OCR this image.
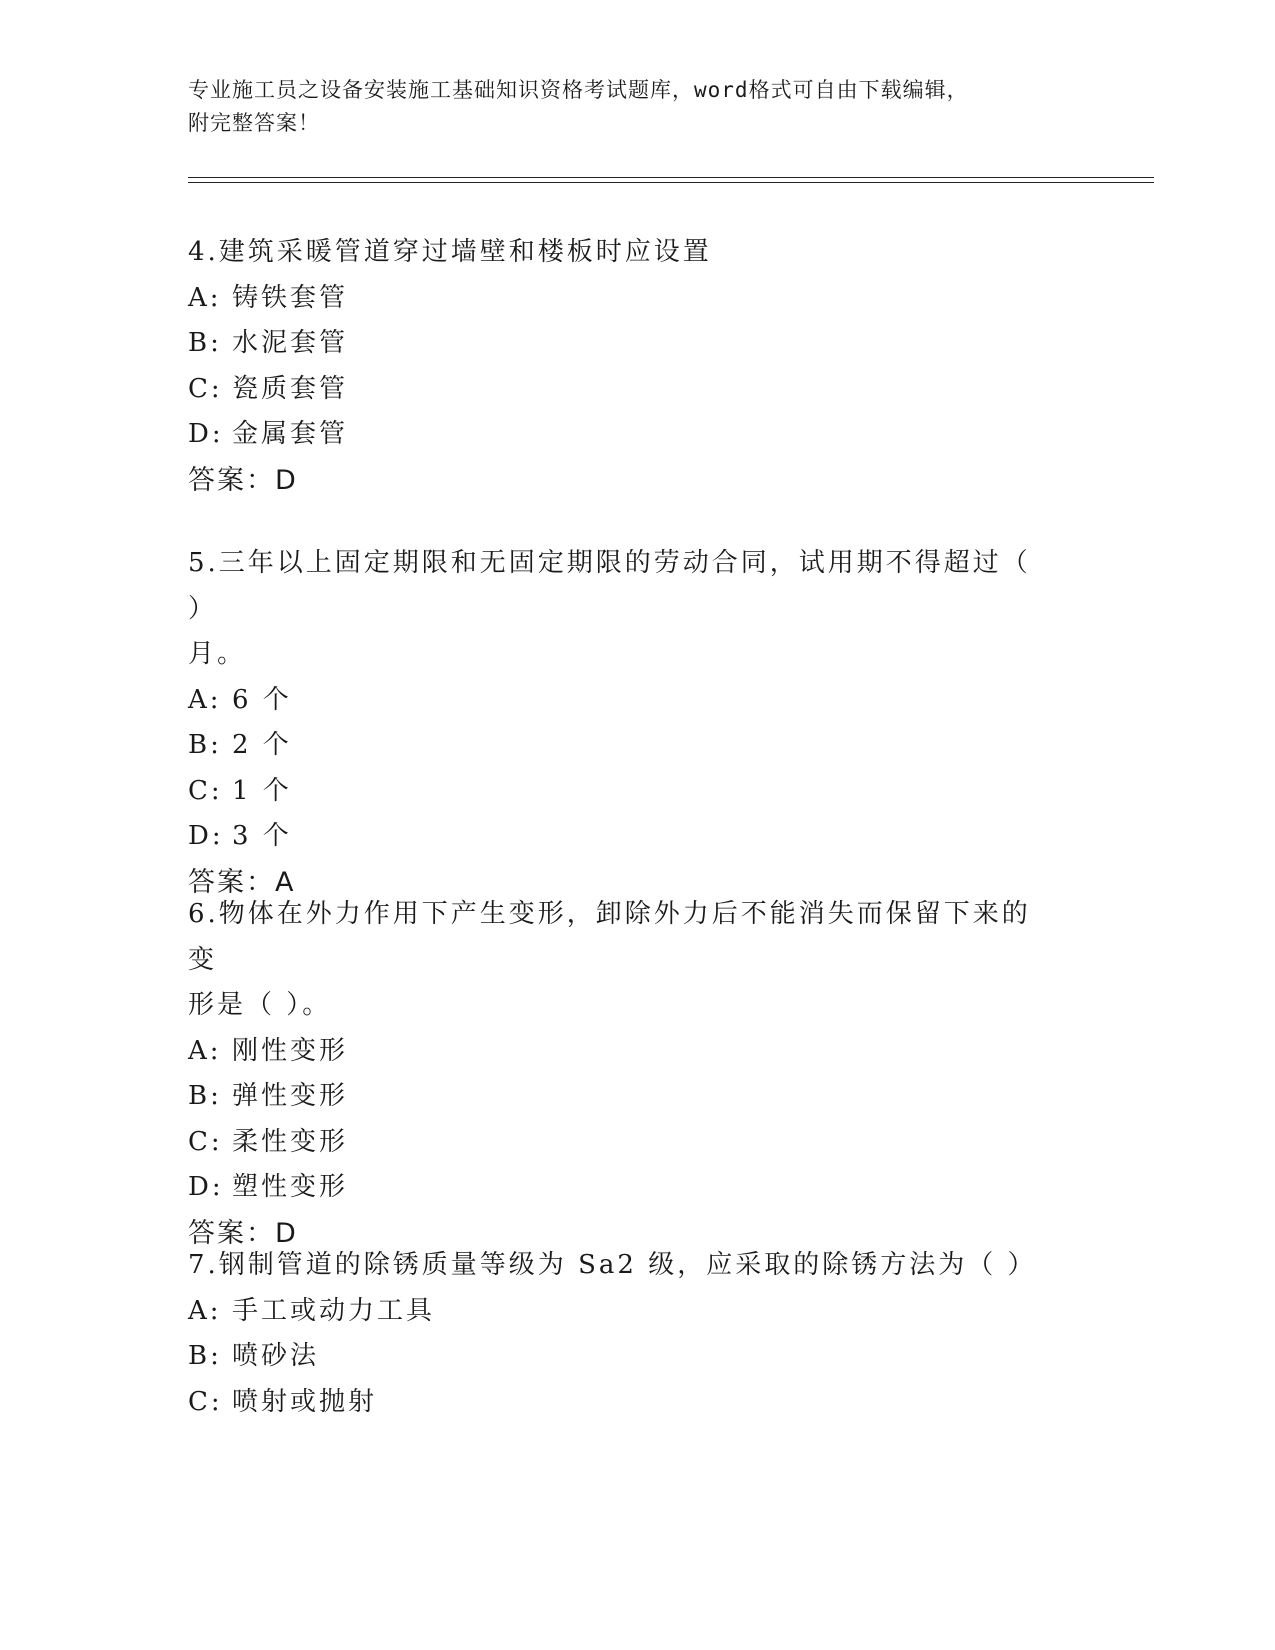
专业施工员之设备安装施工基础知识资格考试题库，word格式可自由下载编辑，
附完整答案！
4.建筑采暖管道穿过墙壁和楼板时应设置
A: 铸铁套管
B: 水泥套管
C: 瓷质套管
D: 金属套管
答案：D
5.三年以上固定期限和无固定期限的劳动合同，试用期不得超过（ ）
月。
A: 6 个
B: 2 个
C: 1 个
D: 3 个
答案：A
6.物体在外力作用下产生变形，卸除外力后不能消失而保留下来的变
形是（ ）。
A: 刚性变形
B: 弹性变形
C: 柔性变形
D: 塑性变形
答案：D
7.钢制管道的除锈质量等级为 Sa2 级，应采取的除锈方法为（ ）
A: 手工或动力工具
B: 喷砂法
C: 喷射或抛射
